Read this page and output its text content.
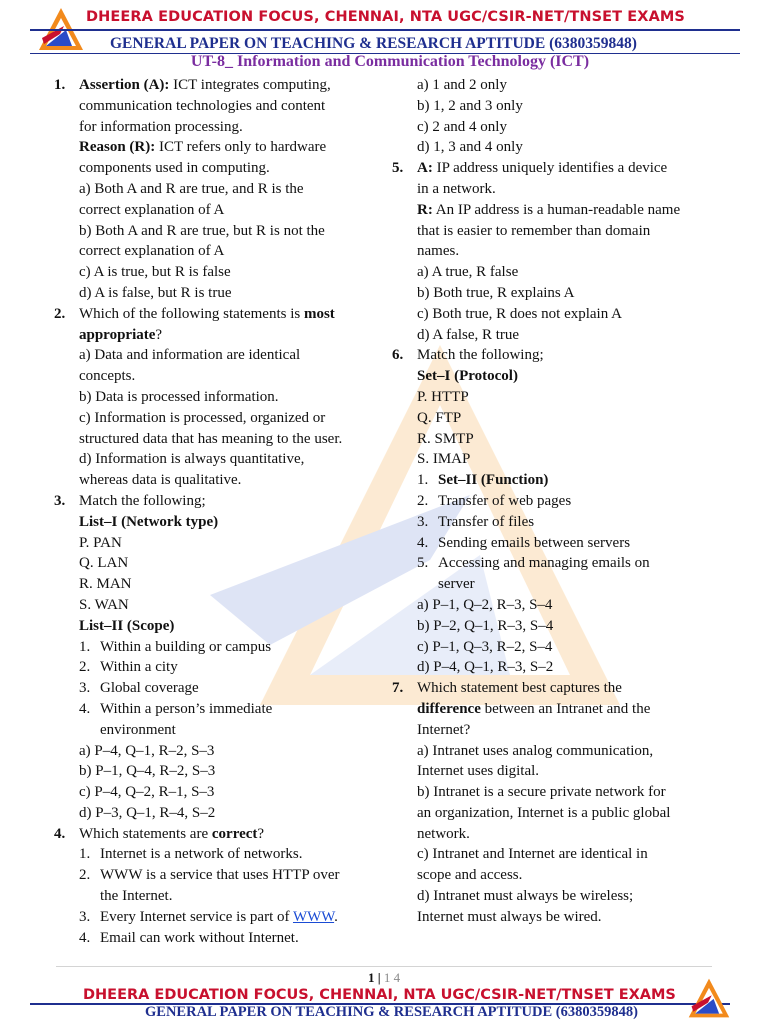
DHEERA EDUCATION FOCUS, CHENNAI, NTA UGC/CSIR-NET/TNSET EXAMS
GENERAL PAPER ON TEACHING & RESEARCH APTITUDE (6380359848)
UT-8_ Information and Communication Technology (ICT)
1. Assertion (A): ICT integrates computing,
communication technologies and content
for information processing.
Reason (R): ICT refers only to hardware
components used in computing.
a) Both A and R are true, and R is the
correct explanation of A
b) Both A and R are true, but R is not the
correct explanation of A
c) A is true, but R is false
d) A is false, but R is true
2. Which of the following statements is most
appropriate?
a) Data and information are identical
concepts.
b) Data is processed information.
c) Information is processed, organized or
structured data that has meaning to the user.
d) Information is always quantitative,
whereas data is qualitative.
3. Match the following;
List–I (Network type)
P. PAN
Q. LAN
R. MAN
S. WAN
List–II (Scope)
1. Within a building or campus
2. Within a city
3. Global coverage
4. Within a person’s immediate
environment
a) P–4, Q–1, R–2, S–3
b) P–1, Q–4, R–2, S–3
c) P–4, Q–2, R–1, S–3
d) P–3, Q–1, R–4, S–2
4. Which statements are correct?
1. Internet is a network of networks.
2. WWW is a service that uses HTTP over
the Internet.
3. Every Internet service is part of WWW.
4. Email can work without Internet.
a) 1 and 2 only
b) 1, 2 and 3 only
c) 2 and 4 only
d) 1, 3 and 4 only
5. A: IP address uniquely identifies a device
in a network.
R: An IP address is a human-readable name
that is easier to remember than domain
names.
a) A true, R false
b) Both true, R explains A
c) Both true, R does not explain A
d) A false, R true
6. Match the following;
Set–I (Protocol)
P. HTTP
Q. FTP
R. SMTP
S. IMAP
1. Set–II (Function)
2. Transfer of web pages
3. Transfer of files
4. Sending emails between servers
5. Accessing and managing emails on
server
a) P–1, Q–2, R–3, S–4
b) P–2, Q–1, R–3, S–4
c) P–1, Q–3, R–2, S–4
d) P–4, Q–1, R–3, S–2
7. Which statement best captures the
difference between an Intranet and the
Internet?
a) Intranet uses analog communication,
Internet uses digital.
b) Intranet is a secure private network for
an organization, Internet is a public global
network.
c) Intranet and Internet are identical in
scope and access.
d) Intranet must always be wireless;
Internet must always be wired.
1 | 1 4
DHEERA EDUCATION FOCUS, CHENNAI, NTA UGC/CSIR-NET/TNSET EXAMS
GENERAL PAPER ON TEACHING & RESEARCH APTITUDE (6380359848)
